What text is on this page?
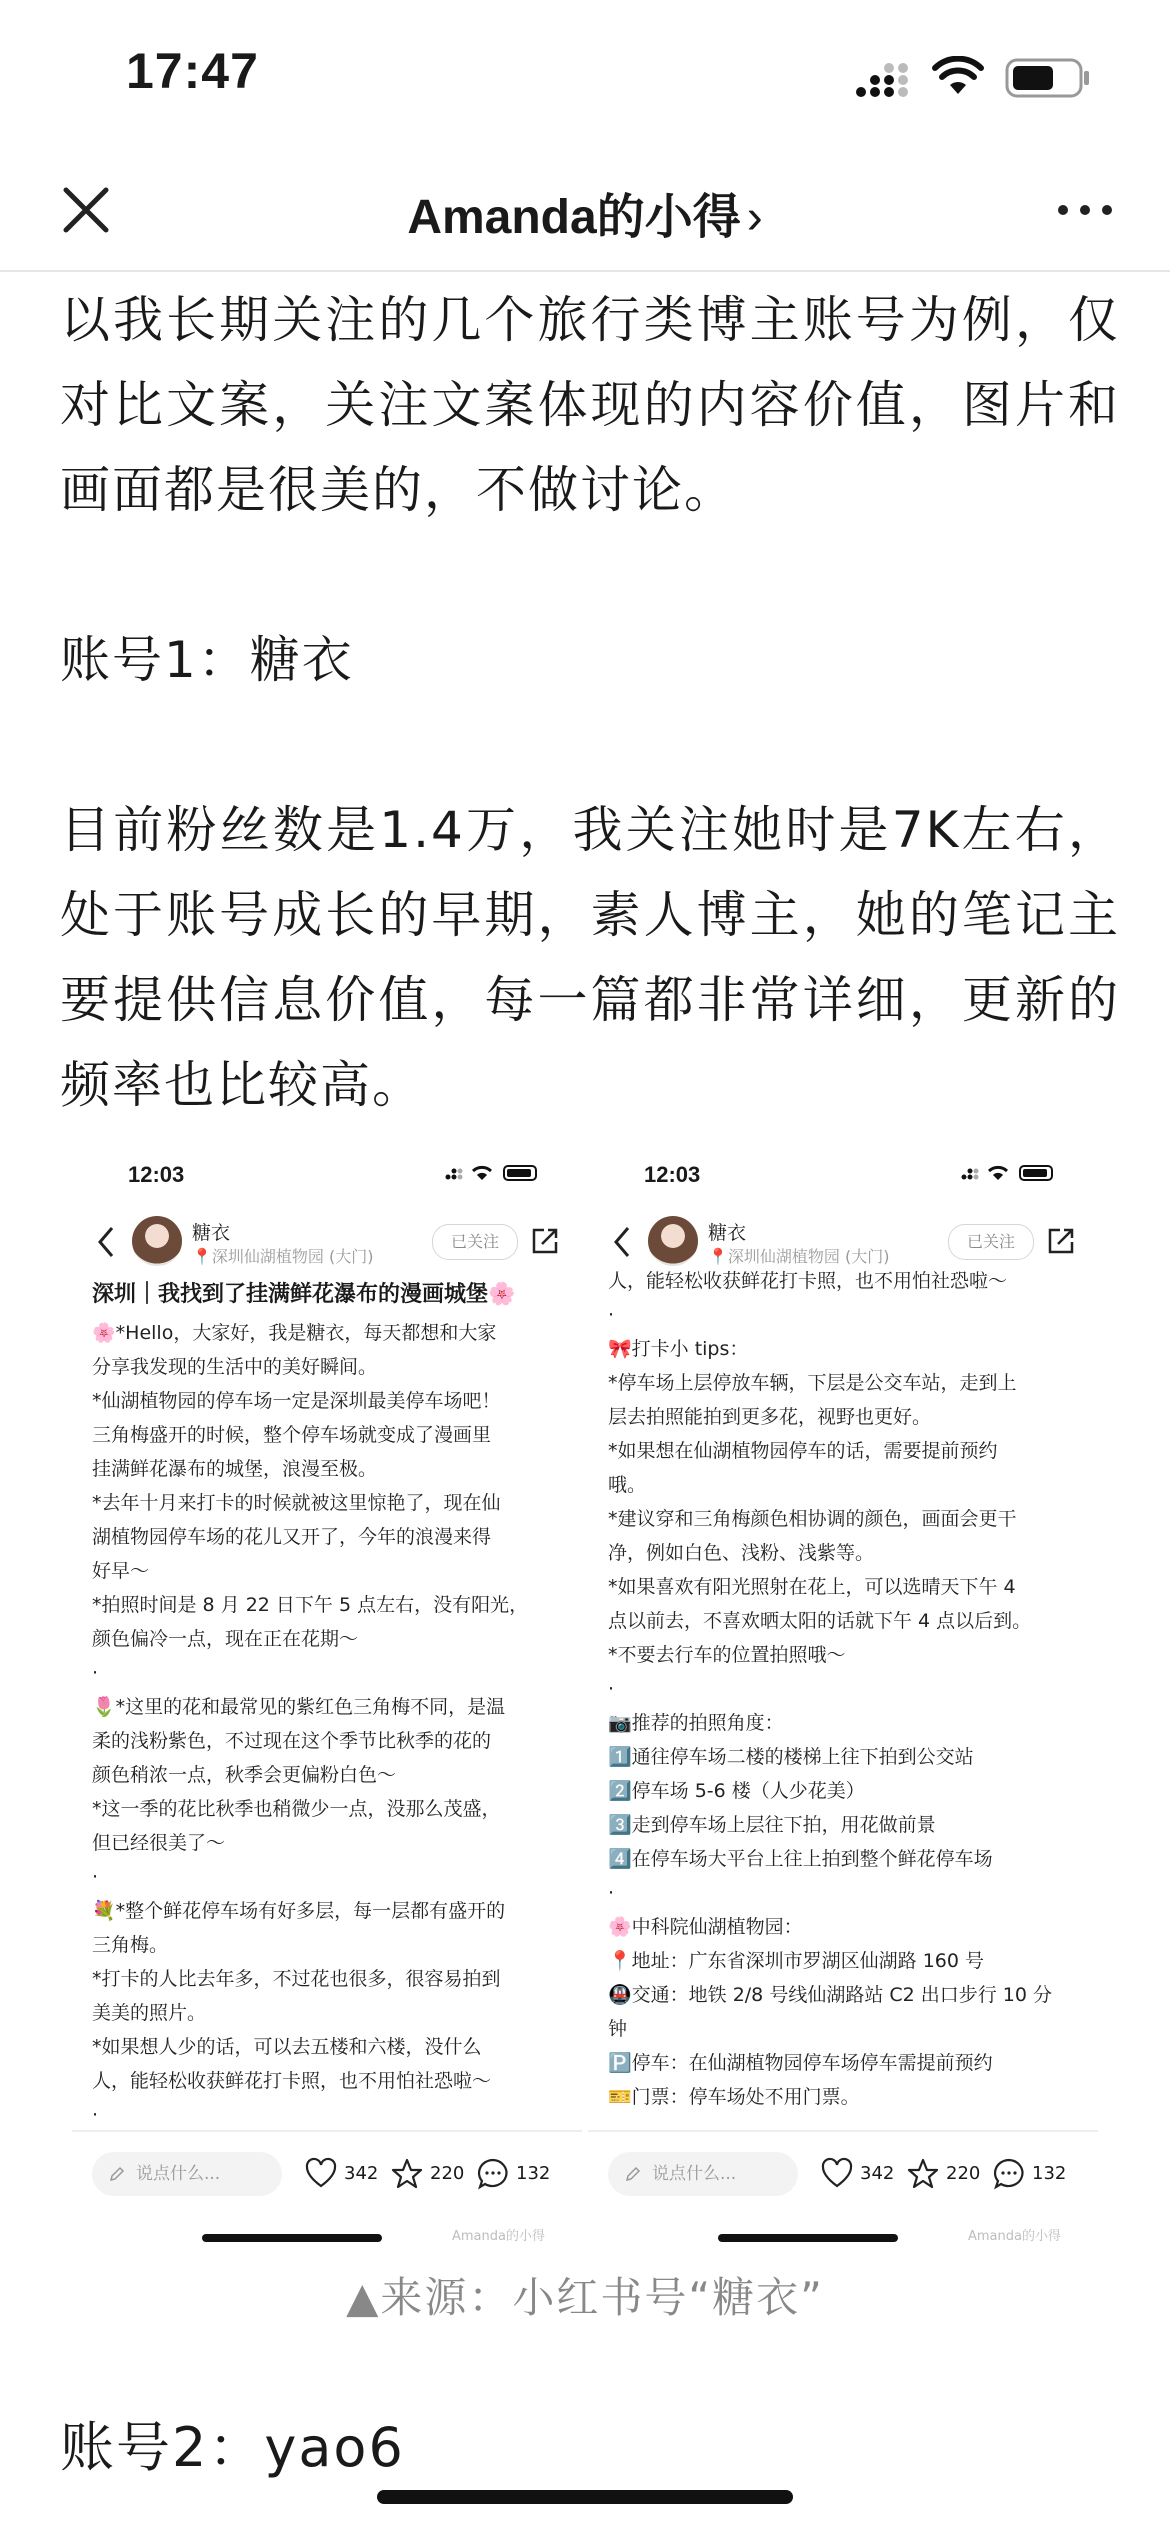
17:47
Amanda的小得 ›

以我长期关注的几个旅行类博主账号为例，仅对比文案，关注文案体现的内容价值，图片和画面都是很美的，不做讨论。

账号1：糖衣

目前粉丝数是1.4万，我关注她时是7K左右，处于账号成长的早期，素人博主，她的笔记主要提供信息价值，每一篇都非常详细，更新的频率也比较高。

12:03
糖衣
📍深圳仙湖植物园 (大门)
已关注

深圳｜我找到了挂满鲜花瀑布的漫画城堡🌸

🌸*Hello，大家好，我是糖衣，每天都想和大家

分享我发现的生活中的美好瞬间。

*仙湖植物园的停车场一定是深圳最美停车场吧！

三角梅盛开的时候，整个停车场就变成了漫画里

挂满鲜花瀑布的城堡，浪漫至极。

*去年十月来打卡的时候就被这里惊艳了，现在仙

湖植物园停车场的花儿又开了，今年的浪漫来得

好早～

*拍照时间是 8 月 22 日下午 5 点左右，没有阳光，

颜色偏冷一点，现在正在花期～

·

🌷*这里的花和最常见的紫红色三角梅不同，是温

柔的浅粉紫色，不过现在这个季节比秋季的花的

颜色稍浓一点，秋季会更偏粉白色～

*这一季的花比秋季也稍微少一点，没那么茂盛，

但已经很美了～

·

💐*整个鲜花停车场有好多层，每一层都有盛开的

三角梅。

*打卡的人比去年多，不过花也很多，很容易拍到

美美的照片。

*如果想人少的话，可以去五楼和六楼，没什么

人，能轻松收获鲜花打卡照，也不用怕社恐啦～

·

说点什么...	342	220	132
Amanda的小得
12:03
糖衣
📍深圳仙湖植物园 (大门)
已关注

人，能轻松收获鲜花打卡照，也不用怕社恐啦～

·

🎀打卡小 tips：

*停车场上层停放车辆，下层是公交车站，走到上

层去拍照能拍到更多花，视野也更好。

*如果想在仙湖植物园停车的话，需要提前预约

哦。

*建议穿和三角梅颜色相协调的颜色，画面会更干

净，例如白色、浅粉、浅紫等。

*如果喜欢有阳光照射在花上，可以选晴天下午 4

点以前去，不喜欢晒太阳的话就下午 4 点以后到。

*不要去行车的位置拍照哦～

·

📷推荐的拍照角度：

1️⃣通往停车场二楼的楼梯上往下拍到公交站

2️⃣停车场 5-6 楼（人少花美）

3️⃣走到停车场上层往下拍，用花做前景

4️⃣在停车场大平台上往上拍到整个鲜花停车场

·

🌸中科院仙湖植物园：

📍地址：广东省深圳市罗湖区仙湖路 160 号

🚇交通：地铁 2/8 号线仙湖路站 C2 出口步行 10 分

钟

🅿️停车：在仙湖植物园停车场停车需提前预约

🎫门票：停车场处不用门票。

说点什么...	342	220	132
Amanda的小得
▲来源：小红书号“糖衣”
账号2：yao6
